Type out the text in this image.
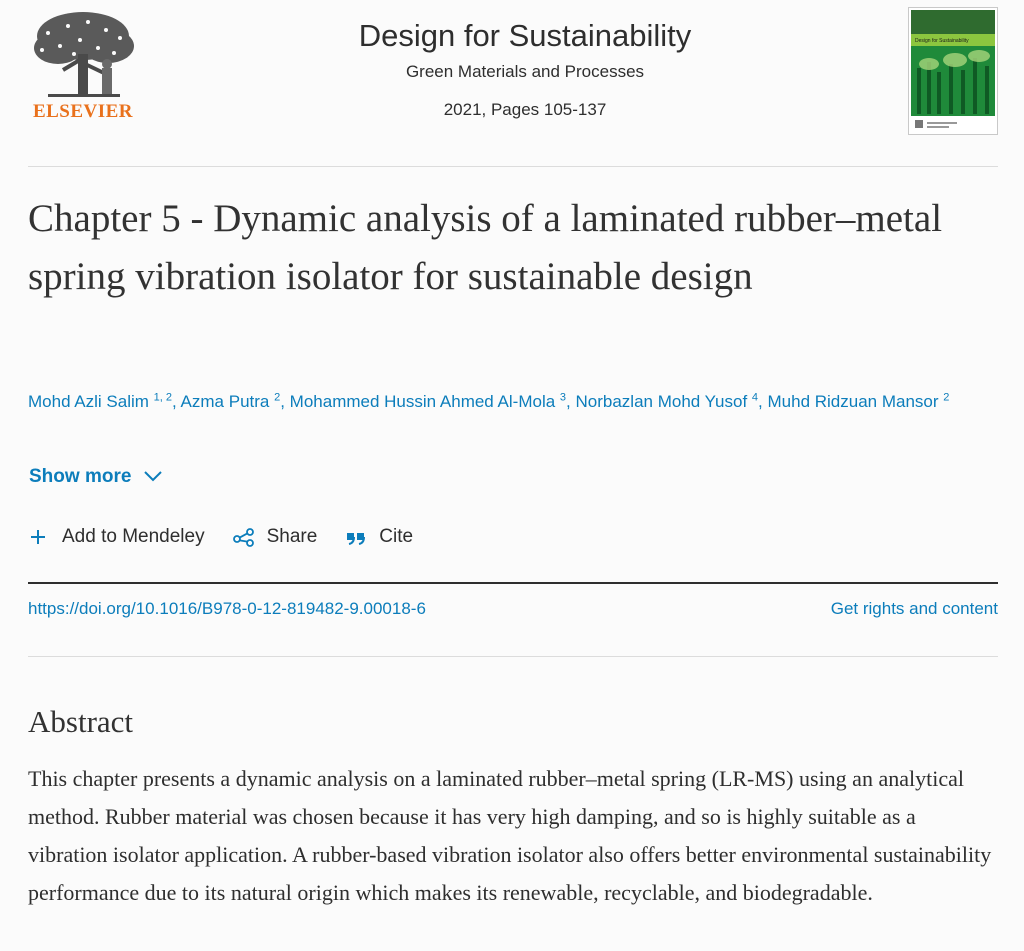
ELSEVIER
Design for Sustainability
Green Materials and Processes
2021, Pages 105-137
Design for Sustainability
Chapter 5 - Dynamic analysis of a laminated rubber–metal spring vibration isolator for sustainable design
Mohd Azli Salim $^{1, 2}$, Azma Putra $^2$, Mohammed Hussin Ahmed Al-Mola $^3$, Norbazlan Mohd Yusof $^4$, Muhd Ridzuan Mansor $^2$
Show more
Add to Mendeley	Share	Cite
https://doi.org/10.1016/B978-0-12-819482-9.00018-6	Get rights and content
Abstract

This chapter presents a dynamic analysis on a laminated rubber–metal spring (LR-MS) using an analytical method. Rubber material was chosen because it has very high damping, and so is highly suitable as a vibration isolator application. A rubber-based vibration isolator also offers better environmental sustainability performance due to its natural origin which makes its renewable, recyclable, and biodegradable.
